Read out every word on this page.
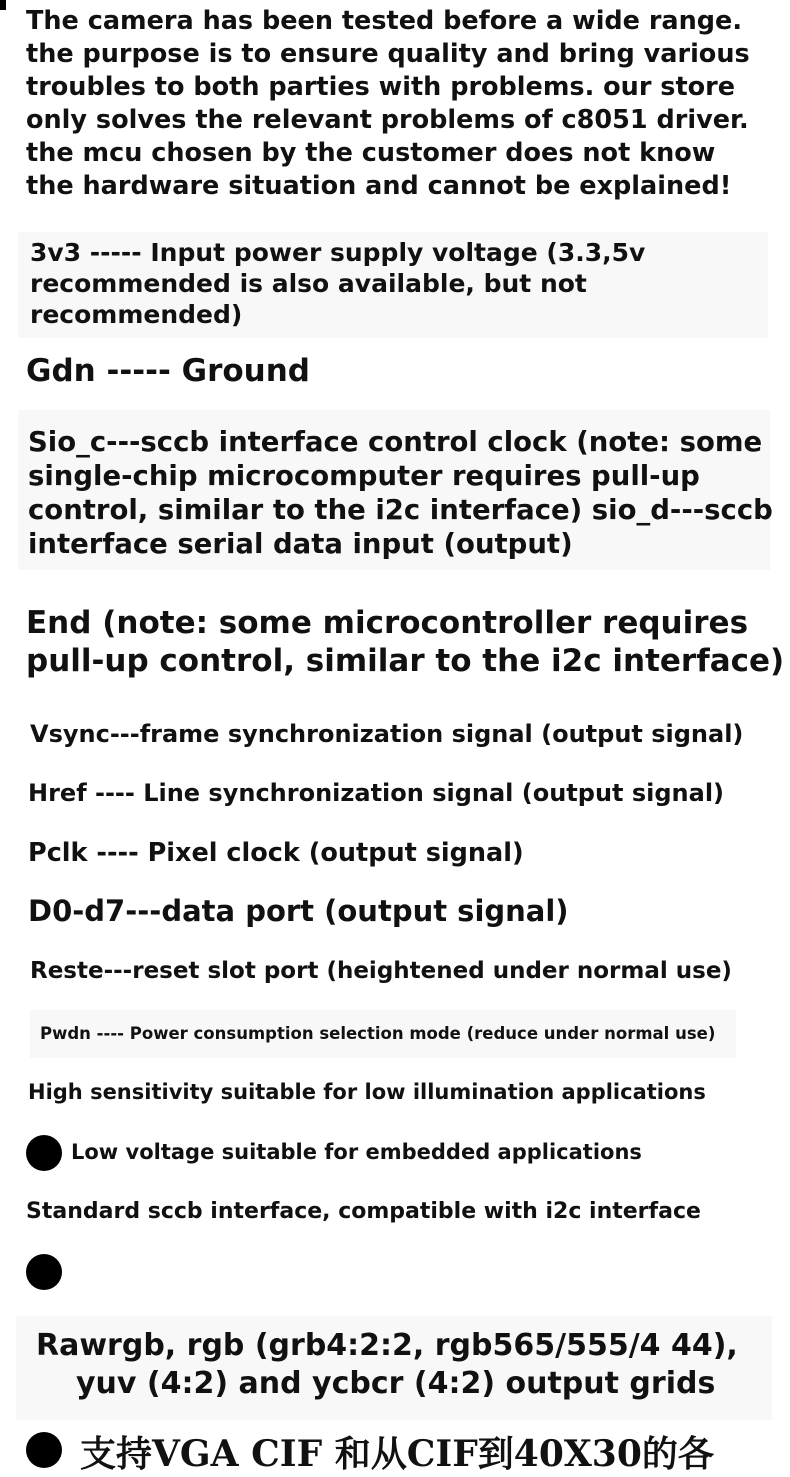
The camera has been tested before a wide range.

the purpose is to ensure quality and bring various

troubles to both parties with problems. our store

only solves the relevant problems of c8051 driver.

the mcu chosen by the customer does not know

the hardware situation and cannot be explained!

3v3 ----- Input power supply voltage (3.3,5v

recommended is also available, but not

recommended)

Gdn ----- Ground

Sio_c---sccb interface control clock (note: some

single-chip microcomputer requires pull-up

control, similar to the i2c interface) sio_d---sccb

interface serial data input (output)

End (note: some microcontroller requires

pull-up control, similar to the i2c interface)

Vsync---frame synchronization signal (output signal)

Href ---- Line synchronization signal (output signal)

Pclk ---- Pixel clock (output signal)

D0-d7---data port (output signal)

Reste---reset slot port (heightened under normal use)

Pwdn ---- Power consumption selection mode (reduce under normal use)

High sensitivity suitable for low illumination applications

Low voltage suitable for embedded applications

Standard sccb interface, compatible with i2c interface

Rawrgb, rgb (grb4:2:2, rgb565/555/4 44),

yuv (4:2) and ycbcr (4:2) output grids

支持VGA CIF 和从CIF到40X30的各
